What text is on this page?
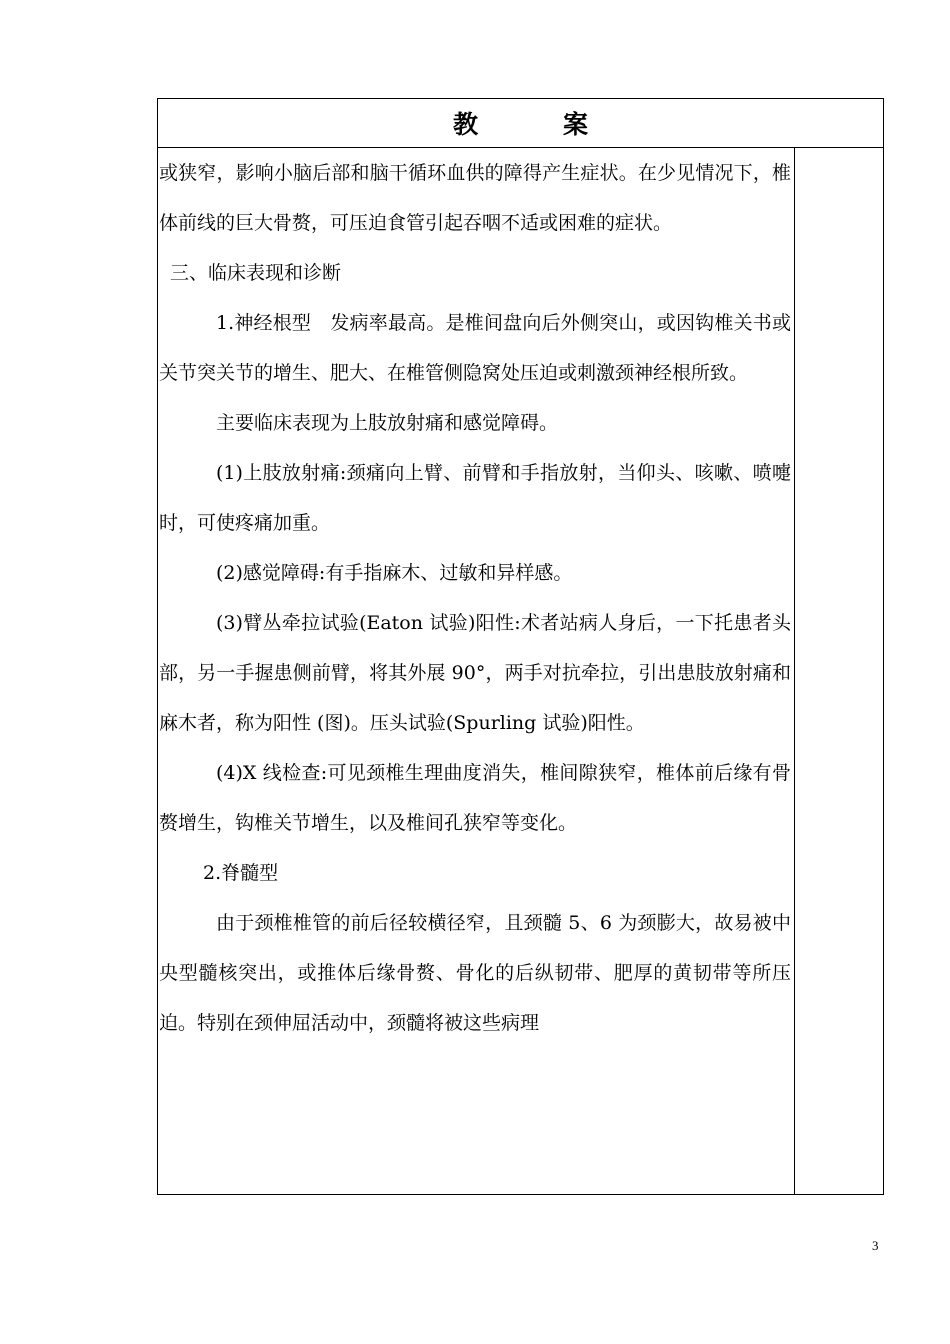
教	案

或狭窄，影响小脑后部和脑干循环血供的障得产生症状。在少见情况下，椎体前线的巨大骨赘，可压迫食管引起吞咽不适或困难的症状。

三、临床表现和诊断

1.神经根型　发病率最高。是椎间盘向后外侧突山，或因钩椎关书或关节突关节的增生、肥大、在椎管侧隐窝处压迫或刺激颈神经根所致。

主要临床表现为上肢放射痛和感觉障碍。

(1)上肢放射痛:颈痛向上臂、前臂和手指放射，当仰头、咳嗽、喷嚏时，可使疼痛加重。

(2)感觉障碍:有手指麻木、过敏和异样感。

(3)臂丛牵拉试验(Eaton 试验)阳性:术者站病人身后，一下托患者头部，另一手握患侧前臂，将其外展 90°，两手对抗牵拉，引出患肢放射痛和麻木者，称为阳性 (图)。压头试验(Spurling 试验)阳性。

(4)X 线检查:可见颈椎生理曲度消失，椎间隙狭窄，椎体前后缘有骨赘增生，钩椎关节增生，以及椎间孔狭窄等变化。

2.脊髓型

由于颈椎椎管的前后径较横径窄，且颈髓 5、6 为颈膨大，故易被中央型髓核突出，或推体后缘骨赘、骨化的后纵韧带、肥厚的黄韧带等所压迫。特别在颈伸屈活动中，颈髓将被这些病理

3
